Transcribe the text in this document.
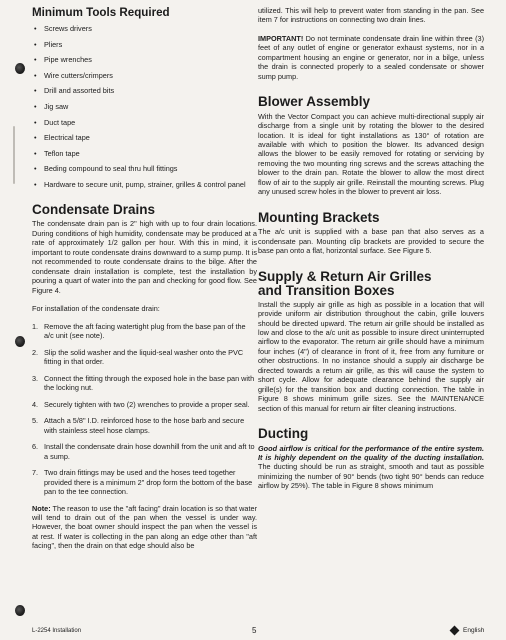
Minimum Tools Required
• Screws drivers
• Pliers
• Pipe wrenches
• Wire cutters/crimpers
• Drill and assorted bits
• Jig saw
• Duct tape
• Electrical tape
• Teflon tape
• Beding compound to seal thru hull fittings
• Hardware to secure unit, pump, strainer, grilles & control panel
Condensate Drains

The condensate drain pan is 2" high with up to four drain locations. During conditions of high humidity, condensate may be produced at a rate of approximately 1/2 gallon per hour. With this in mind, it is important to route condensate drains downward to a sump pump. It is not recommended to route condensate drains to the bilge. After the condensate drain installation is complete, test the installation by pouring a quart of water into the pan and checking for good flow. See Figure 4.

For installation of the condensate drain:

1. Remove the aft facing watertight plug from the base pan of the a/c unit (see note).
2. Slip the solid washer and the liquid-seal washer onto the PVC fitting in that order.
3. Connect the fitting through the exposed hole in the base pan with the locking nut.
4. Securely tighten with two (2) wrenches to provide a proper seal.
5. Attach a 5/8" I.D. reinforced hose to the hose barb and secure with stainless steel hose clamps.
6. Install the condensate drain hose downhill from the unit and aft to a sump.
7. Two drain fittings may be used and the hoses teed together provided there is a minimum 2" drop form the bottom of the base pan to the tee connection.

Note: The reason to use the "aft facing" drain location is so that water will tend to drain out of the pan when the vessel is under way. However, the boat owner should inspect the pan when the vessel is at rest. If water is collecting in the pan along an edge other than "aft facing", then the drain on that edge should also be

utilized. This will help to prevent water from standing in the pan. See item 7 for instructions on connecting two drain lines.

IMPORTANT! Do not terminate condensate drain line within three (3) feet of any outlet of engine or generator exhaust systems, nor in a compartment housing an engine or generator, nor in a bilge, unless the drain is connected properly to a sealed condensate or shower sump pump.

Blower Assembly

With the Vector Compact you can achieve multi-directional supply air discharge from a single unit by rotating the blower to the desired location. It is ideal for tight installations as 130° of rotation are available with which to position the blower. Its advanced design allows the blower to be easily removed for rotating or servicing by removing the two mounting ring screws and the screws attaching the blower to the drain pan. Rotate the blower to allow the most direct flow of air to the supply air grille. Reinstall the mounting screws. Plug any unused screw holes in the blower to prevent air loss.

Mounting Brackets

The a/c unit is supplied with a base pan that also serves as a condensate pan. Mounting clip brackets are provided to secure the base pan onto a flat, horizontal surface. See Figure 5.

Supply & Return Air Grilles
and Transition Boxes

Install the supply air grille as high as possible in a location that will provide uniform air distribution throughout the cabin, grille louvers should be directed upward. The return air grille should be installed as low and close to the a/c unit as possible to insure direct uninterrupted airflow to the evaporator. The return air grille should have a minimum four inches (4") of clearance in front of it, free from any furniture or other obstructions. In no instance should a supply air discharge be directed towards a return air grille, as this will cause the system to short cycle. Allow for adequate clearance behind the supply air grille(s) for the transition box and ducting connection. The table in Figure 8 shows minimum grille sizes. See the MAINTENANCE section of this manual for return air filter cleaning instructions.

Ducting

Good airflow is critical for the performance of the entire system. It is highly dependent on the quality of the ducting installation. The ducting should be run as straight, smooth and taut as possible minimizing the number of 90° bends (two tight 90° bends can reduce airflow by 25%). The table in Figure 8 shows minimum

L-2254 Installation	5	English
